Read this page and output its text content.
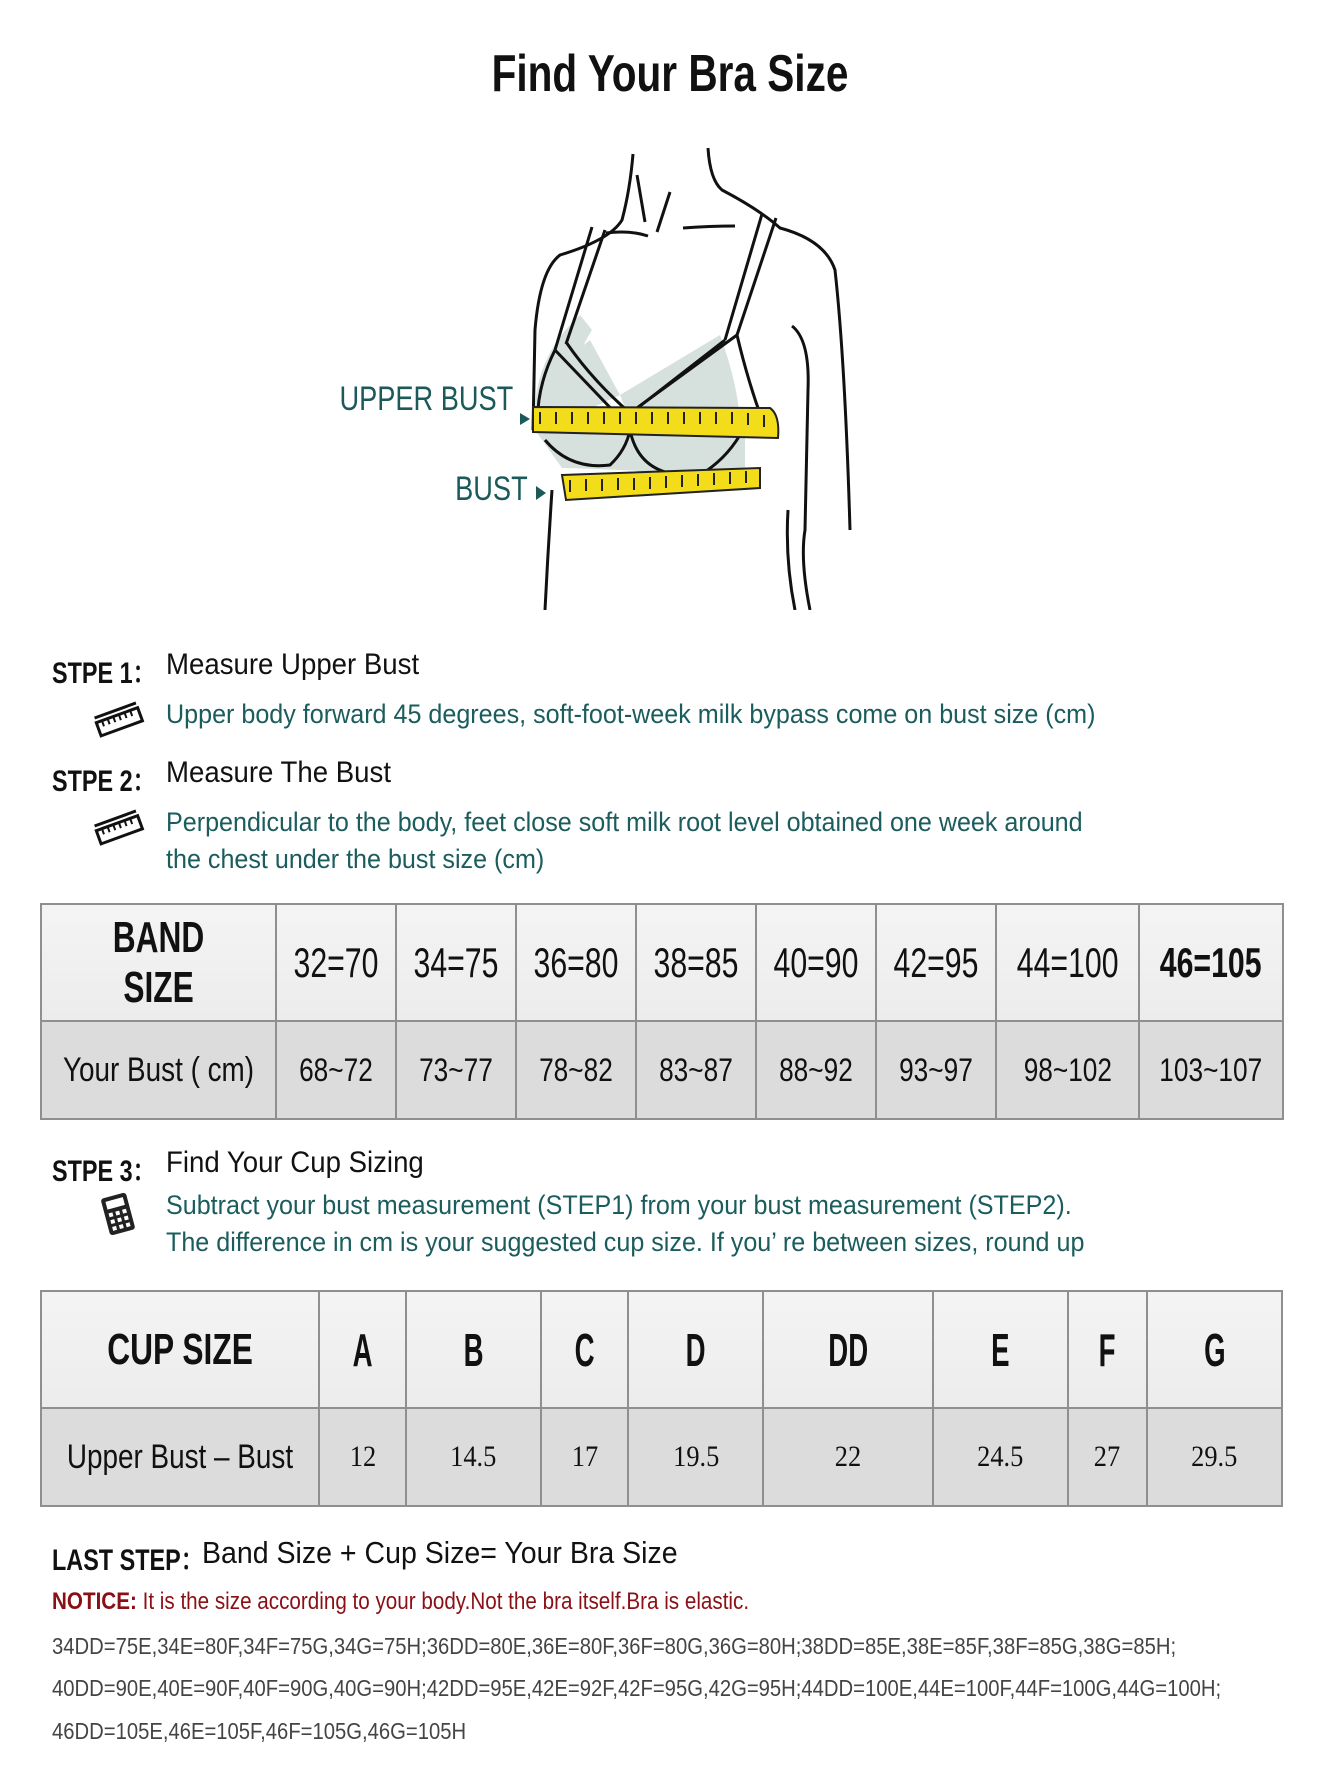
Find Your Bra Size
UPPER BUST
BUST
STPE 1： Measure Upper Bust
Upper body forward 45 degrees, soft-foot-week milk bypass come on bust size (cm)
STPE 2： Measure The Bust
Perpendicular to the body, feet close soft milk root level obtained one week around
the chest under the bust size (cm)
BAND SIZE	32=70	34=75	36=80	38=85	40=90	42=95	44=100	46=105
Your Bust ( cm)	68~72	73~77	78~82	83~87	88~92	93~97	98~102	103~107
STPE 3： Find Your Cup Sizing
Subtract your bust measurement (STEP1) from your bust measurement (STEP2).
The difference in cm is your suggested cup size. If you’ re between sizes, round up
CUP SIZE	A	B	C	D	DD	E	F	G
Upper Bust – Bust	12	14.5	17	19.5	22	24.5	27	29.5
LAST STEP：
Band Size + Cup Size= Your Bra Size
NOTICE: It is the size according to your body.Not the bra itself.Bra is elastic.
34DD=75E,34E=80F,34F=75G,34G=75H;36DD=80E,36E=80F,36F=80G,36G=80H;38DD=85E,38E=85F,38F=85G,38G=85H;
40DD=90E,40E=90F,40F=90G,40G=90H;42DD=95E,42E=92F,42F=95G,42G=95H;44DD=100E,44E=100F,44F=100G,44G=100H;
46DD=105E,46E=105F,46F=105G,46G=105H
